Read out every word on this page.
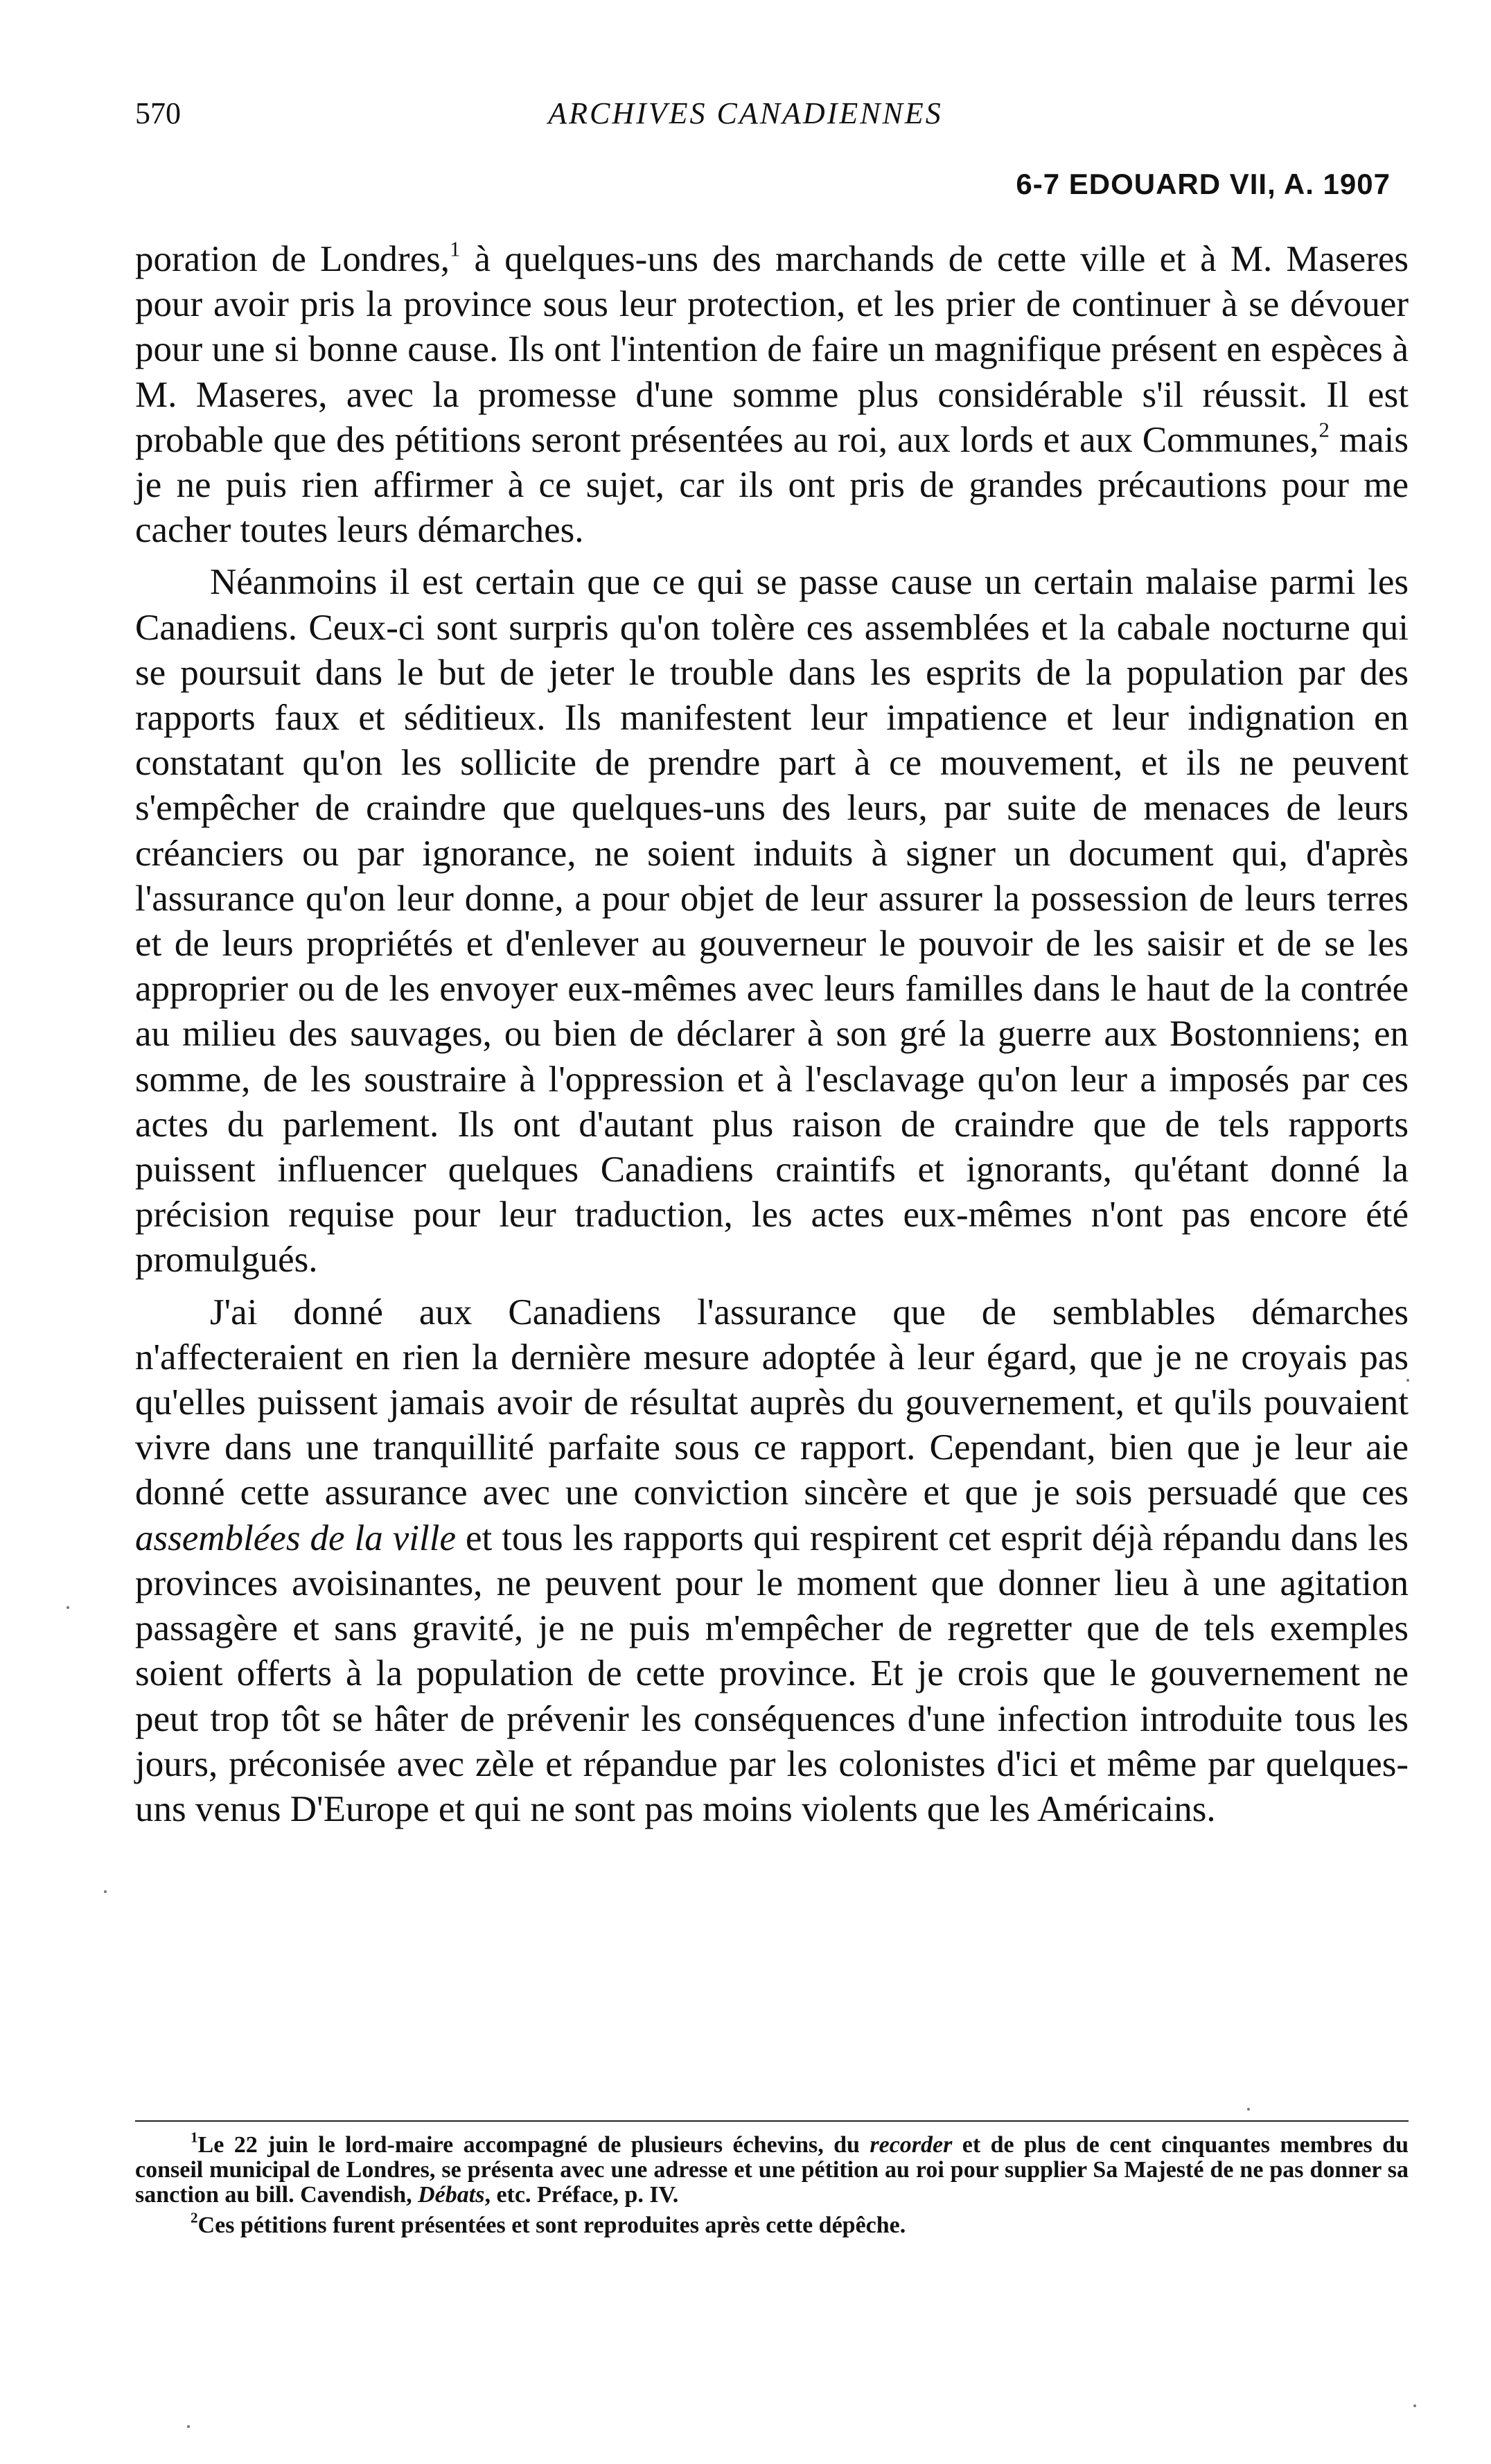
570	ARCHIVES CANADIENNES
6-7 EDOUARD VII, A. 1907

poration de Londres,$^1$ à quelques-uns des marchands de cette ville et à M. Maseres pour avoir pris la province sous leur protection, et les prier de continuer à se dévouer pour une si bonne cause. Ils ont l'intention de faire un magnifique présent en espèces à M. Maseres, avec la promesse d'une somme plus considérable s'il réussit. Il est probable que des pétitions seront présentées au roi, aux lords et aux Communes,$^2$ mais je ne puis rien affirmer à ce sujet, car ils ont pris de grandes précautions pour me cacher toutes leurs démarches.

Néanmoins il est certain que ce qui se passe cause un certain malaise parmi les Canadiens. Ceux-ci sont surpris qu'on tolère ces assemblées et la cabale nocturne qui se poursuit dans le but de jeter le trouble dans les esprits de la population par des rapports faux et séditieux. Ils manifestent leur impatience et leur indignation en constatant qu'on les sollicite de prendre part à ce mouvement, et ils ne peuvent s'empêcher de craindre que quelques-uns des leurs, par suite de menaces de leurs créanciers ou par ignorance, ne soient induits à signer un document qui, d'après l'assurance qu'on leur donne, a pour objet de leur assurer la possession de leurs terres et de leurs propriétés et d'enlever au gouverneur le pouvoir de les saisir et de se les approprier ou de les envoyer eux-mêmes avec leurs familles dans le haut de la contrée au milieu des sauvages, ou bien de déclarer à son gré la guerre aux Bostonniens; en somme, de les soustraire à l'oppression et à l'esclavage qu'on leur a imposés par ces actes du parlement. Ils ont d'autant plus raison de craindre que de tels rapports puissent influencer quelques Canadiens craintifs et ignorants, qu'étant donné la précision requise pour leur traduction, les actes eux-mêmes n'ont pas encore été promulgués.

J'ai donné aux Canadiens l'assurance que de semblables démarches n'affecteraient en rien la dernière mesure adoptée à leur égard, que je ne croyais pas qu'elles puissent jamais avoir de résultat auprès du gouvernement, et qu'ils pouvaient vivre dans une tranquillité parfaite sous ce rapport. Cependant, bien que je leur aie donné cette assurance avec une conviction sincère et que je sois persuadé que ces assemblées de la ville et tous les rapports qui respirent cet esprit déjà répandu dans les provinces avoisinantes, ne peuvent pour le moment que donner lieu à une agitation passagère et sans gravité, je ne puis m'empêcher de regretter que de tels exemples soient offerts à la population de cette province. Et je crois que le gouvernement ne peut trop tôt se hâter de prévenir les conséquences d'une infection introduite tous les jours, préconisée avec zèle et répandue par les colonistes d'ici et même par quelques-uns venus D'Europe et qui ne sont pas moins violents que les Américains.

$^1$Le 22 juin le lord-maire accompagné de plusieurs échevins, du recorder et de plus de cent cinquantes membres du conseil municipal de Londres, se présenta avec une adresse et une pétition au roi pour supplier Sa Majesté de ne pas donner sa sanction au bill. Cavendish, Débats, etc. Préface, p. IV.

$^2$Ces pétitions furent présentées et sont reproduites après cette dépêche.
